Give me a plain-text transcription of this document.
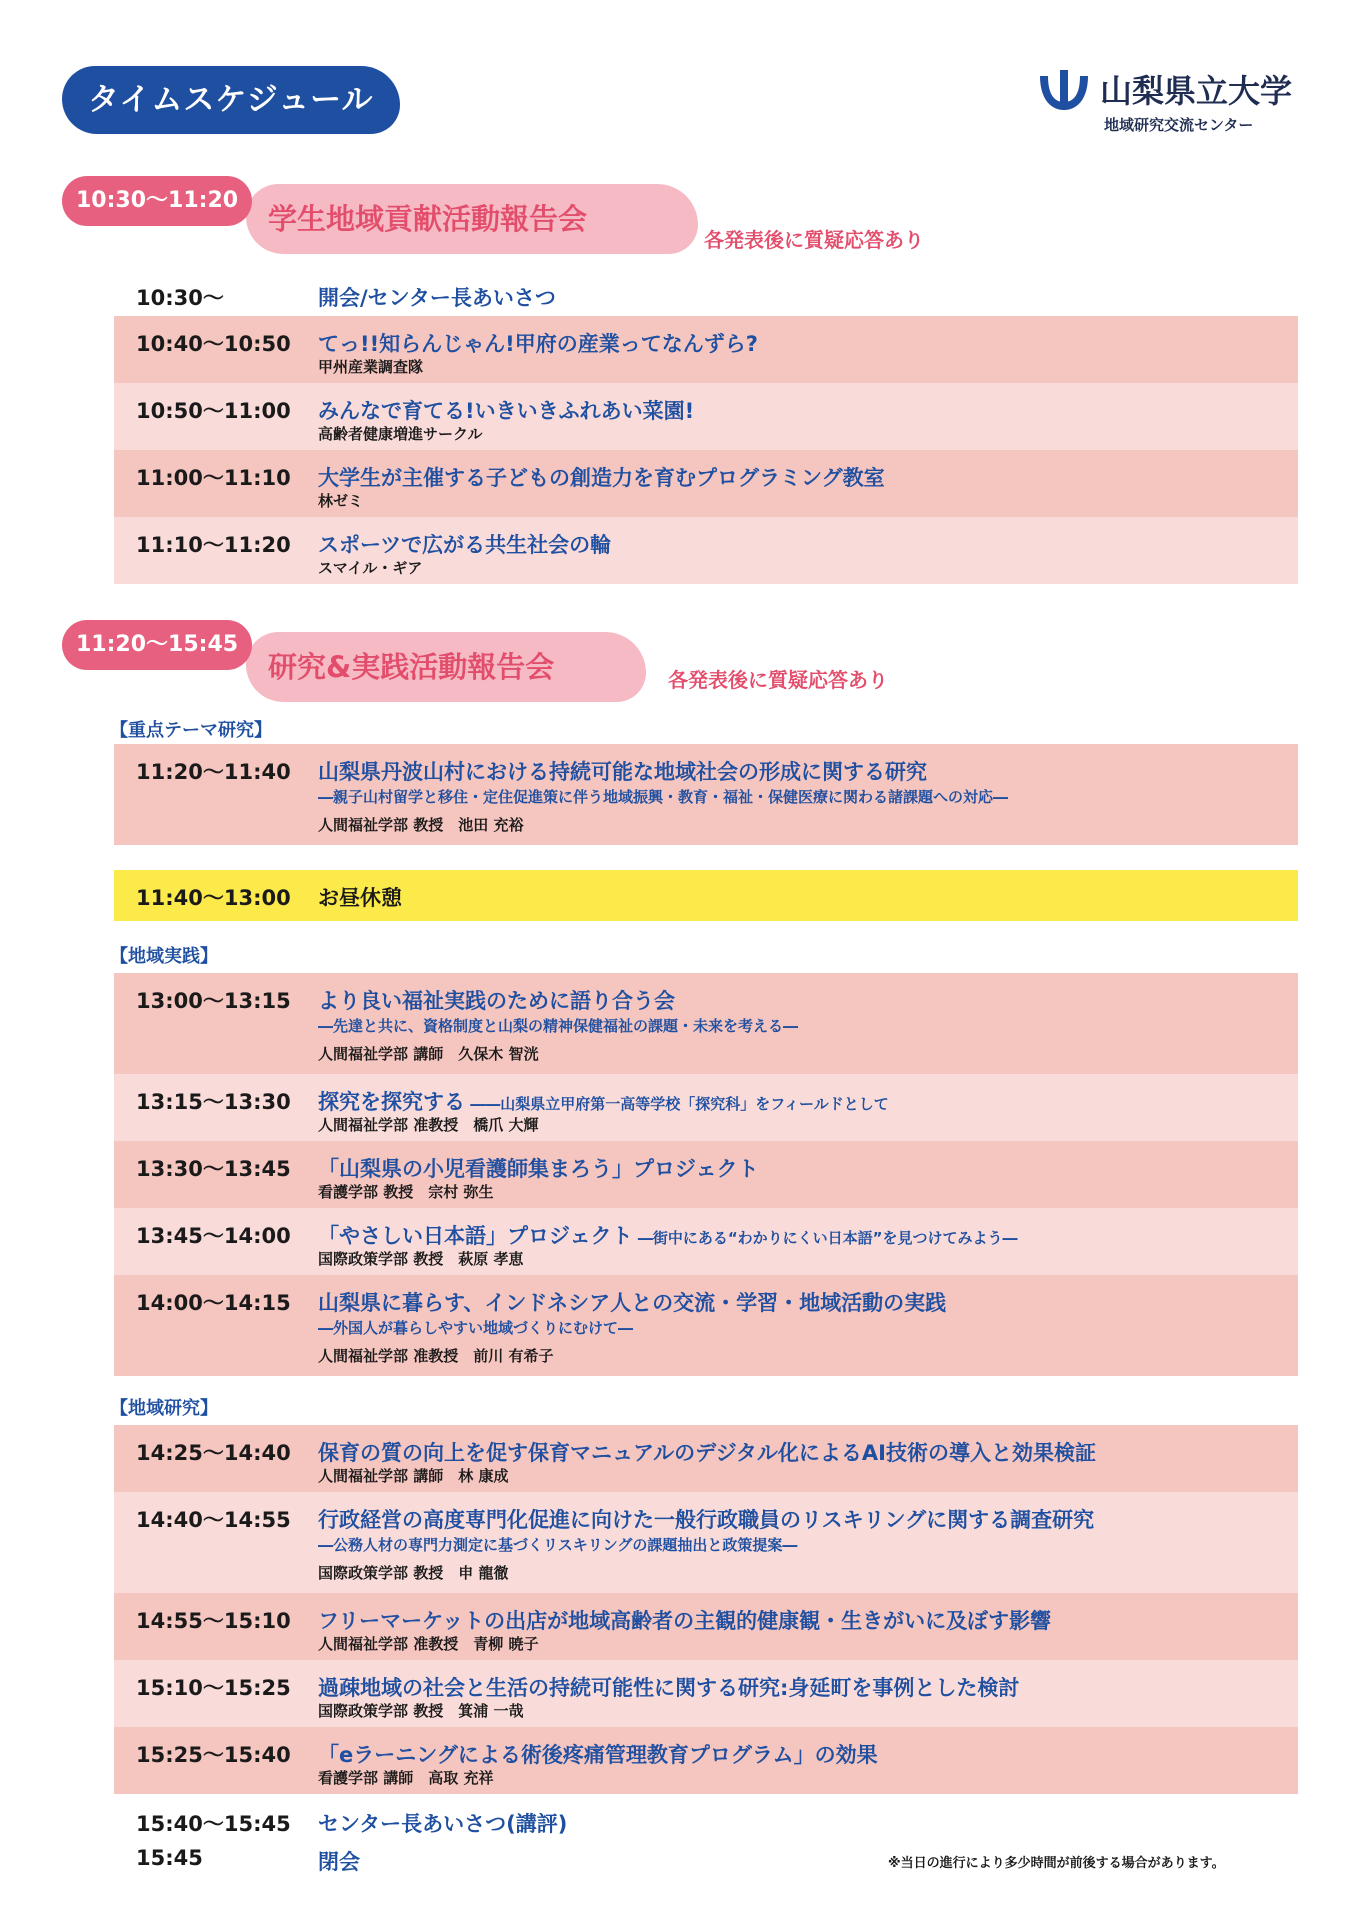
タイムスケジュール	山梨県立大学
地域研究交流センター
学生地域貢献活動報告会
10:30〜11:20
各発表後に質疑応答あり
10:30〜	開会/センター長あいさつ
10:40〜10:50 てっ!!知らんじゃん!甲府の産業ってなんずら?
甲州産業調査隊
10:50〜11:00 みんなで育てる!いきいきふれあい菜園!
高齢者健康増進サークル
11:00〜11:10 大学生が主催する子どもの創造力を育むプログラミング教室
林ゼミ
11:10〜11:20 スポーツで広がる共生社会の輪
スマイル・ギア
研究&実践活動報告会
11:20〜15:45
各発表後に質疑応答あり
【重点テーマ研究】
11:20〜11:40 山梨県丹波山村における持続可能な地域社会の形成に関する研究
―親子山村留学と移住・定住促進策に伴う地域振興・教育・福祉・保健医療に関わる諸課題への対応―
人間福祉学部 教授　池田 充裕
11:40〜13:00 お昼休憩
【地域実践】
13:00〜13:15 より良い福祉実践のために語り合う会
―先達と共に、資格制度と山梨の精神保健福祉の課題・未来を考える―
人間福祉学部 講師　久保木 智洸
13:15〜13:30 探究を探究する ――山梨県立甲府第一高等学校「探究科」をフィールドとして
人間福祉学部 准教授　橋爪 大輝
13:30〜13:45 「山梨県の小児看護師集まろう」プロジェクト
看護学部 教授　宗村 弥生
13:45〜14:00 「やさしい日本語」プロジェクト ―街中にある“わかりにくい日本語”を見つけてみよう―
国際政策学部 教授　萩原 孝恵
14:00〜14:15 山梨県に暮らす、インドネシア人との交流・学習・地域活動の実践
―外国人が暮らしやすい地域づくりにむけて―
人間福祉学部 准教授　前川 有希子
【地域研究】
14:25〜14:40 保育の質の向上を促す保育マニュアルのデジタル化によるAI技術の導入と効果検証
人間福祉学部 講師　林 康成
14:40〜14:55 行政経営の高度専門化促進に向けた一般行政職員のリスキリングに関する調査研究
―公務人材の専門力測定に基づくリスキリングの課題抽出と政策提案―
国際政策学部 教授　申 龍徹
14:55〜15:10 フリーマーケットの出店が地域高齢者の主観的健康観・生きがいに及ぼす影響
人間福祉学部 准教授　青柳 暁子
15:10〜15:25 過疎地域の社会と生活の持続可能性に関する研究:身延町を事例とした検討
国際政策学部 教授　箕浦 一哉
15:25〜15:40 「eラーニングによる術後疼痛管理教育プログラム」の効果
看護学部 講師　高取 充祥
15:40〜15:45 センター長あいさつ(講評)
15:45	閉会	※当日の進行により多少時間が前後する場合があります。
